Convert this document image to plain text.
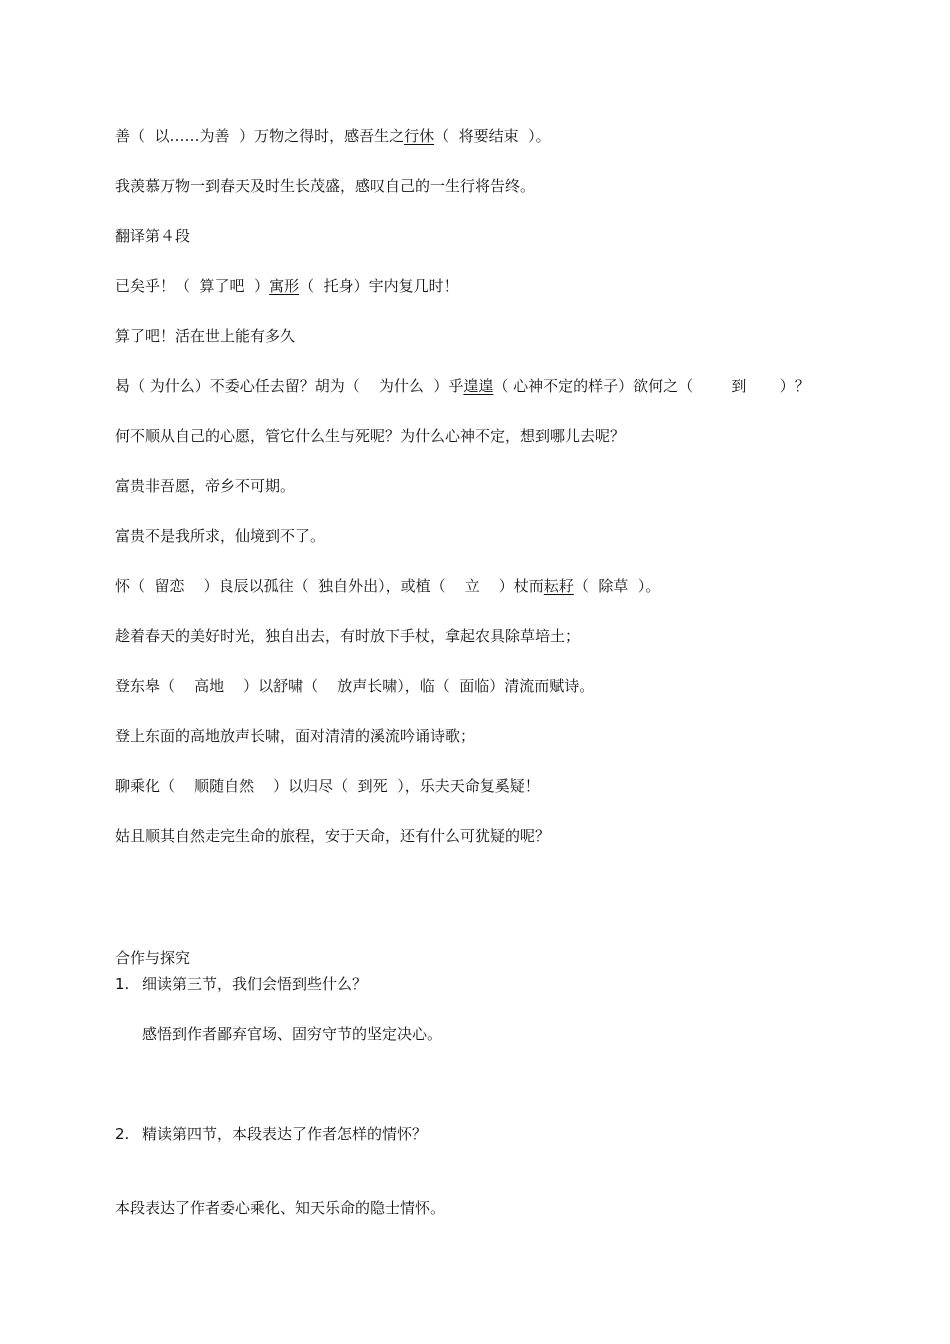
善（  以……为善  ）万物之得时，感吾生之行休（  将要结束  ）。
我羡慕万物一到春天及时生长茂盛，感叹自己的一生行将告终。
翻译第４段
已矣乎！（  算了吧  ）寓形（  托身）宇内复几时！
算了吧！活在世上能有多久
曷（ 为什么）不委心任去留？胡为（    为什么  ）乎遑遑（ 心神不定的样子）欲何之（        到       ）？
何不顺从自己的心愿，管它什么生与死呢？为什么心神不定，想到哪儿去呢？
富贵非吾愿，帝乡不可期。
富贵不是我所求，仙境到不了。
怀（  留恋    ）良辰以孤往（  独自外出），或植（    立    ）杖而耘耔（  除草  ）。
趁着春天的美好时光，独自出去，有时放下手杖，拿起农具除草培土；
登东皋（    高地    ）以舒啸（    放声长啸），临（  面临）清流而赋诗。
登上东面的高地放声长啸，面对清清的溪流吟诵诗歌；
聊乘化（    顺随自然    ）以归尽（  到死  ），乐夫天命复奚疑！
姑且顺其自然走完生命的旅程，安于天命，还有什么可犹疑的呢？
合作与探究
1. 细读第三节，我们会悟到些什么？
感悟到作者鄙弃官场、固穷守节的坚定决心。
2. 精读第四节，本段表达了作者怎样的情怀？
本段表达了作者委心乘化、知天乐命的隐士情怀。
